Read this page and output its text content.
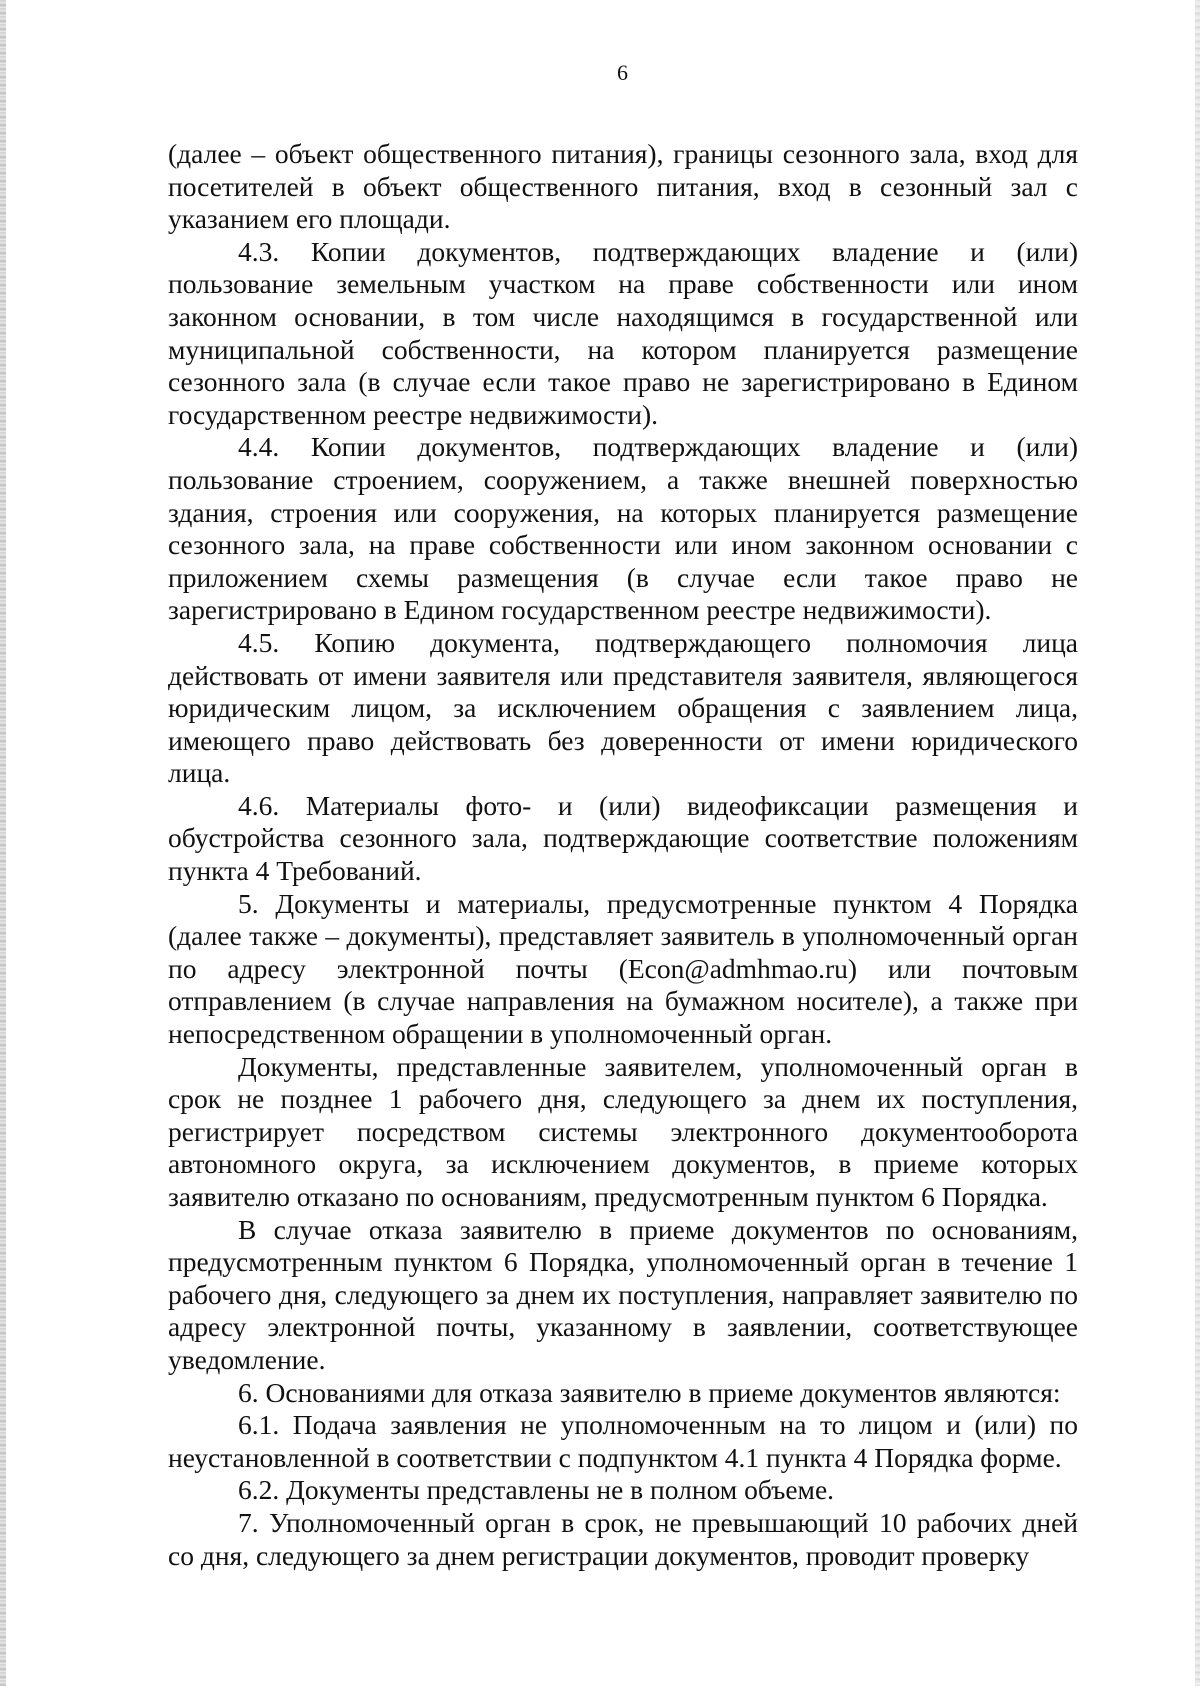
6

(далее – объект общественного питания), границы сезонного зала, вход для посетителей в объект общественного питания, вход в сезонный зал с указанием его площади.

4.3. Копии документов, подтверждающих владение и (или) пользование земельным участком на праве собственности или ином законном основании, в том числе находящимся в государственной или муниципальной собственности, на котором планируется размещение сезонного зала (в случае если такое право не зарегистрировано в Едином государственном реестре недвижимости).

4.4. Копии документов, подтверждающих владение и (или) пользование строением, сооружением, а также внешней поверхностью здания, строения или сооружения, на которых планируется размещение сезонного зала, на праве собственности или ином законном основании с приложением схемы размещения (в случае если такое право не зарегистрировано в Едином государственном реестре недвижимости).

4.5. Копию документа, подтверждающего полномочия лица действовать от имени заявителя или представителя заявителя, являющегося юридическим лицом, за исключением обращения с заявлением лица, имеющего право действовать без доверенности от имени юридического лица.

4.6. Материалы фото- и (или) видеофиксации размещения и обустройства сезонного зала, подтверждающие соответствие положениям пункта 4 Требований.

5. Документы и материалы, предусмотренные пунктом 4 Порядка (далее также – документы), представляет заявитель в уполномоченный орган по адресу электронной почты (Econ@admhmao.ru) или почтовым отправлением (в случае направления на бумажном носителе), а также при непосредственном обращении в уполномоченный орган.

Документы, представленные заявителем, уполномоченный орган в срок не позднее 1 рабочего дня, следующего за днем их поступления, регистрирует посредством системы электронного документооборота автономного округа, за исключением документов, в приеме которых заявителю отказано по основаниям, предусмотренным пунктом 6 Порядка.

В случае отказа заявителю в приеме документов по основаниям, предусмотренным пунктом 6 Порядка, уполномоченный орган в течение 1 рабочего дня, следующего за днем их поступления, направляет заявителю по адресу электронной почты, указанному в заявлении, соответствующее уведомление.

6. Основаниями для отказа заявителю в приеме документов являются:

6.1. Подача заявления не уполномоченным на то лицом и (или) по неустановленной в соответствии с подпунктом 4.1 пункта 4 Порядка форме.

6.2. Документы представлены не в полном объеме.

7. Уполномоченный орган в срок, не превышающий 10 рабочих дней со дня, следующего за днем регистрации документов, проводит проверку
